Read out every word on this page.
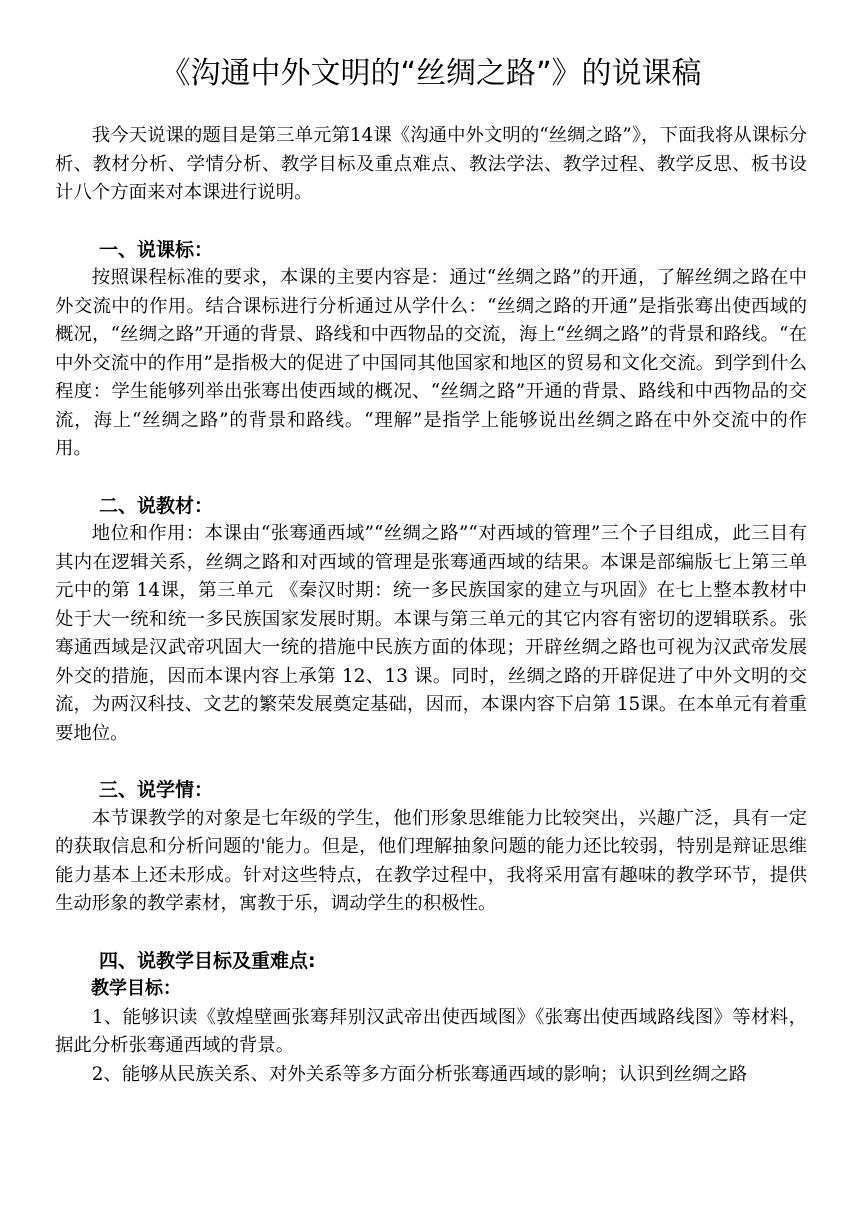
《沟通中外文明的“丝绸之路”》的说课稿

我今天说课的题目是第三单元第14课《沟通中外文明的“丝绸之路”》，下面我将从课标分析、教材分析、学情分析、教学目标及重点难点、教法学法、教学过程、教学反思、板书设计八个方面来对本课进行说明。

一、说课标：

按照课程标准的要求，本课的主要内容是：通过“丝绸之路”的开通，了解丝绸之路在中外交流中的作用。结合课标进行分析通过从学什么：“丝绸之路的开通”是指张骞出使西域的概况，“丝绸之路”开通的背景、路线和中西物品的交流，海上“丝绸之路”的背景和路线。“在中外交流中的作用”是指极大的促进了中国同其他国家和地区的贸易和文化交流。到学到什么程度：学生能够列举出张骞出使西域的概况、“丝绸之路”开通的背景、路线和中西物品的交流，海上“丝绸之路”的背景和路线。“理解”是指学上能够说出丝绸之路在中外交流中的作用。

二、说教材：

地位和作用：本课由“张骞通西域”“丝绸之路”“对西域的管理”三个子目组成，此三目有其内在逻辑关系，丝绸之路和对西域的管理是张骞通西域的结果。本课是部编版七上第三单元中的第 14课，第三单元 《秦汉时期：统一多民族国家的建立与巩固》在七上整本教材中处于大一统和统一多民族国家发展时期。本课与第三单元的其它内容有密切的逻辑联系。张骞通西域是汉武帝巩固大一统的措施中民族方面的体现；开辟丝绸之路也可视为汉武帝发展外交的措施，因而本课内容上承第 12、13 课。同时，丝绸之路的开辟促进了中外文明的交流，为两汉科技、文艺的繁荣发展奠定基础，因而，本课内容下启第 15课。在本单元有着重要地位。

三、说学情：

本节课教学的对象是七年级的学生，他们形象思维能力比较突出，兴趣广泛，具有一定的获取信息和分析问题的'能力。但是，他们理解抽象问题的能力还比较弱，特别是辩证思维能力基本上还未形成。针对这些特点，在教学过程中，我将采用富有趣味的教学环节，提供生动形象的教学素材，寓教于乐，调动学生的积极性。

四、说教学目标及重难点:
教学目标：

1、能够识读《敦煌壁画张骞拜别汉武帝出使西域图》《张骞出使西域路线图》等材料，据此分析张骞通西域的背景。

2、能够从民族关系、对外关系等多方面分析张骞通西域的影响；认识到丝绸之路
